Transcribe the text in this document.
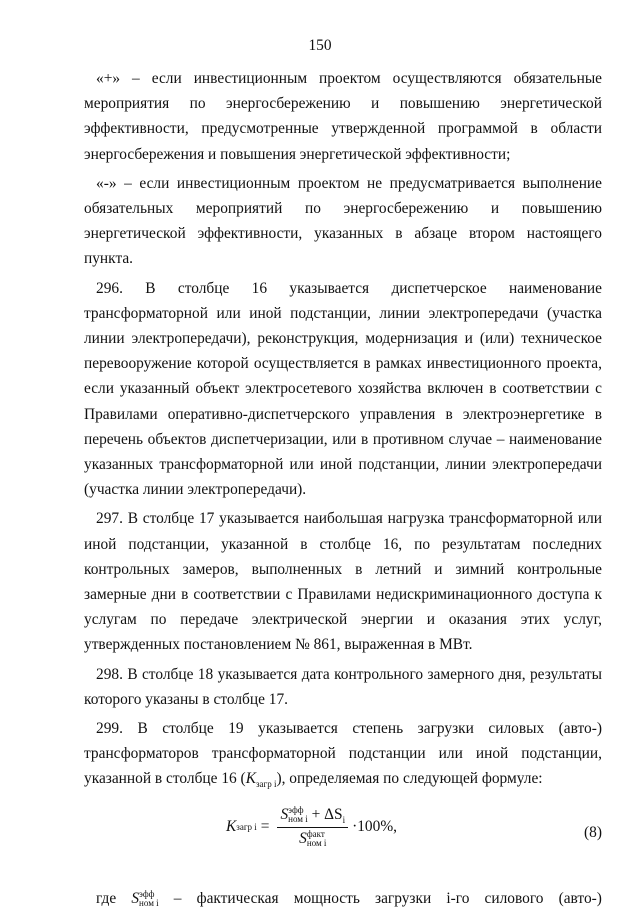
150

«+» – если инвестиционным проектом осуществляются обязательные мероприятия по энергосбережению и повышению энергетической эффективности, предусмотренные утвержденной программой в области энергосбережения и повышения энергетической эффективности;

«-» – если инвестиционным проектом не предусматривается выполнение обязательных мероприятий по энергосбережению и повышению энергетической эффективности, указанных в абзаце втором настоящего пункта.

296. В столбце 16 указывается диспетчерское наименование трансформаторной или иной подстанции, линии электропередачи (участка линии электропередачи), реконструкция, модернизация и (или) техническое перевооружение которой осуществляется в рамках инвестиционного проекта, если указанный объект электросетевого хозяйства включен в соответствии с Правилами оперативно-диспетчерского управления в электроэнергетике в перечень объектов диспетчеризации, или в противном случае – наименование указанных трансформаторной или иной подстанции, линии электропередачи (участка линии электропередачи).

297. В столбце 17 указывается наибольшая нагрузка трансформаторной или иной подстанции, указанной в столбце 16, по результатам последних контрольных замеров, выполненных в летний и зимний контрольные замерные дни в соответствии с Правилами недискриминационного доступа к услугам по передаче электрической энергии и оказания этих услуг, утвержденных постановлением № 861, выраженная в МВт.

298. В столбце 18 указывается дата контрольного замерного дня, результаты которого указаны в столбце 17.

299. В столбце 19 указывается степень загрузки силовых (авто-) трансформаторов трансформаторной подстанции или иной подстанции, указанной в столбце 16 $(K_{загр i})$, определяемая по следующей формуле:

K загр i = S эфф
ном $i + \Delta S_i$
S факт
ном i ·100%,	(8)
где S эфф
ном i – фактическая мощность загрузки i-го силового (авто-)
